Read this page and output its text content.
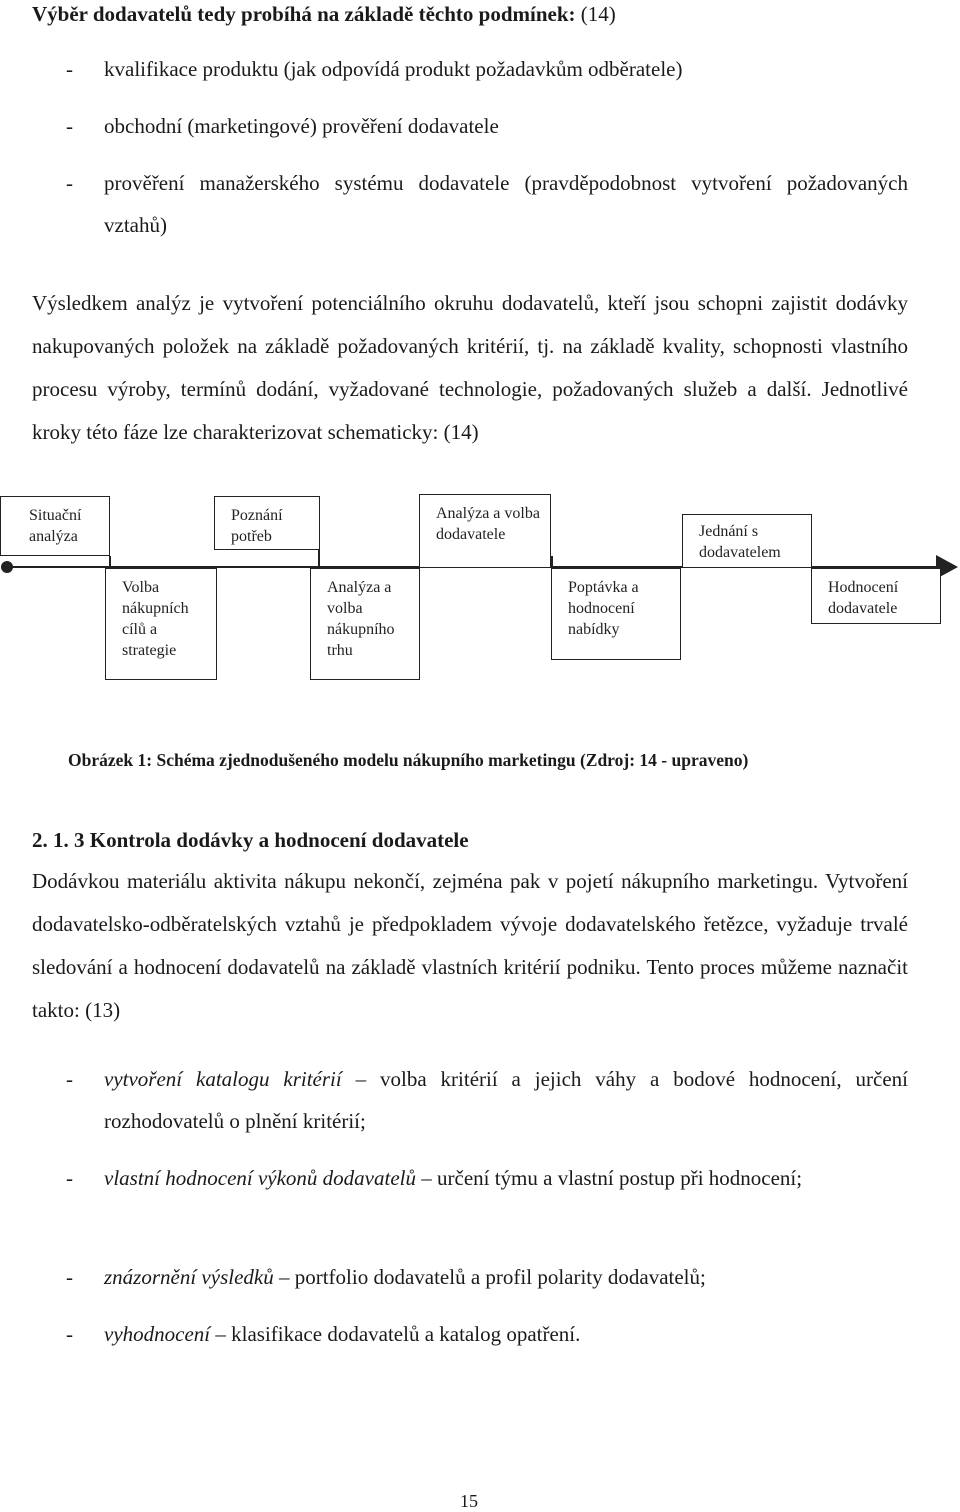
Výběr dodavatelů tedy probíhá na základě těchto podmínek: (14)
- kvalifikace produktu (jak odpovídá produkt požadavkům odběratele)
- obchodní (marketingové) prověření dodavatele
- prověření manažerského systému dodavatele (pravděpodobnost vytvoření požadovaných vztahů)
Výsledkem analýz je vytvoření potenciálního okruhu dodavatelů, kteří jsou schopni zajistit dodávky nakupovaných položek na základě požadovaných kritérií, tj. na základě kvality, schopnosti vlastního procesu výroby, termínů dodání, vyžadované technologie, požadovaných služeb a další. Jednotlivé kroky této fáze lze charakterizovat schematicky: (14)
Situační analýza
Poznání potřeb
Analýza a volba dodavatele	Jednání s dodavatelem
Volba nákupních cílů a strategie
Analýza a volba nákupního trhu
Poptávka a hodnocení nabídky
Hodnocení dodavatele
Obrázek 1: Schéma zjednodušeného modelu nákupního marketingu (Zdroj: 14 - upraveno)
2. 1. 3 Kontrola dodávky a hodnocení dodavatele
Dodávkou materiálu aktivita nákupu nekončí, zejména pak v pojetí nákupního marketingu. Vytvoření dodavatelsko-odběratelských vztahů je předpokladem vývoje dodavatelského řetězce, vyžaduje trvalé sledování a hodnocení dodavatelů na základě vlastních kritérií podniku. Tento proces můžeme naznačit takto: (13)
- vytvoření katalogu kritérií – volba kritérií a jejich váhy a bodové hodnocení, určení rozhodovatelů o plnění kritérií;
- vlastní hodnocení výkonů dodavatelů – určení týmu a vlastní postup při hodnocení;
- znázornění výsledků – portfolio dodavatelů a profil polarity dodavatelů;
- vyhodnocení – klasifikace dodavatelů a katalog opatření.
15
